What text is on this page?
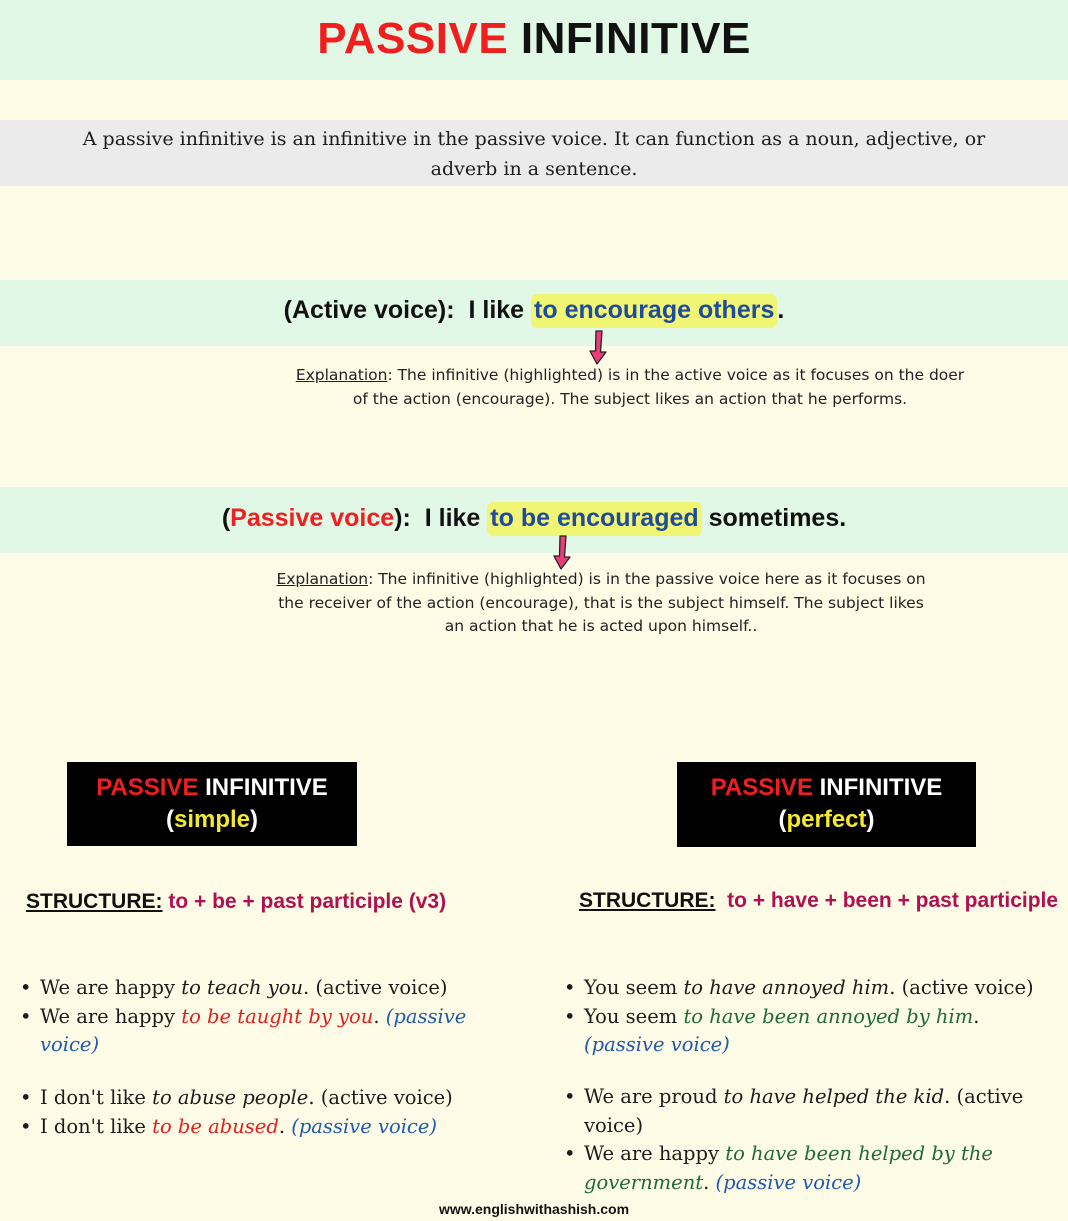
PASSIVE INFINITIVE
A passive infinitive is an infinitive in the passive voice. It can function as a noun, adjective, or adverb in a sentence.
(Active voice): I like to encourage others .
Explanation: The infinitive (highlighted) is in the active voice as it focuses on the doer of the action (encourage). The subject likes an action that he performs.
(Passive voice): I like to be encouraged sometimes.
Explanation: The infinitive (highlighted) is in the passive voice here as it focuses on the receiver of the action (encourage), that is the subject himself. The subject likes an action that he is acted upon himself..
PASSIVE INFINITIVE
(simple)
STRUCTURE: to + be + past participle (v3)
• We are happy to teach you. (active voice)
• We are happy to be taught by you. (passive voice)
• I don't like to abuse people. (active voice)
• I don't like to be abused. (passive voice)
PASSIVE INFINITIVE
(perfect)
STRUCTURE: to + have + been + past participle
• You seem to have annoyed him. (active voice)
• You seem to have been annoyed by him. (passive voice)
• We are proud to have helped the kid. (active voice)
• We are happy to have been helped by the government. (passive voice)
www.englishwithashish.com
